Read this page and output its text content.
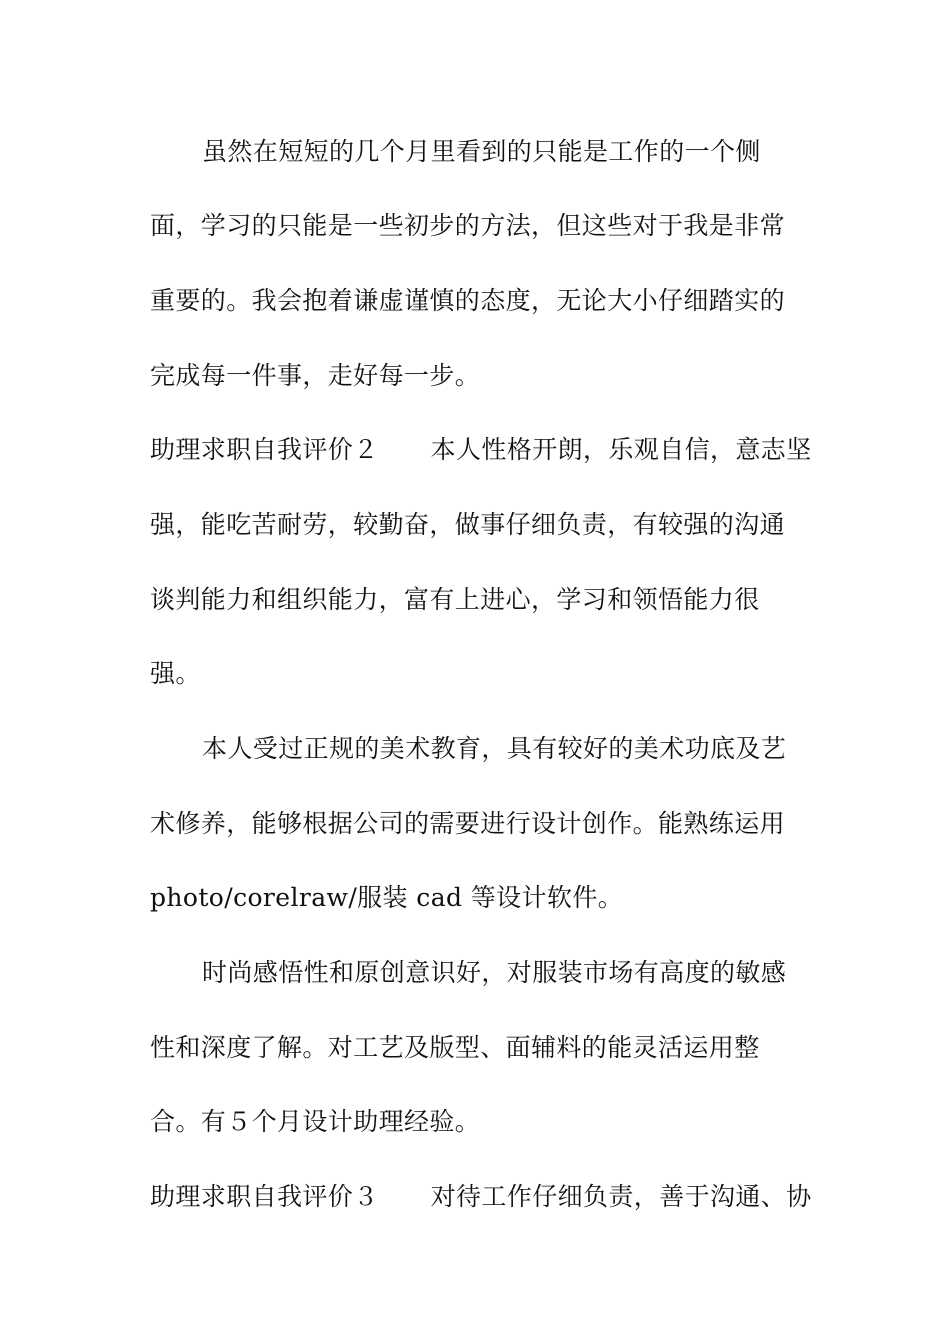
虽然在短短的几个月里看到的只能是工作的一个侧
面，学习的只能是一些初步的方法，但这些对于我是非常
重要的。我会抱着谦虚谨慎的态度，无论大小仔细踏实的
完成每一件事，走好每一步。
助理求职自我评价２ 本人性格开朗，乐观自信，意志坚
强，能吃苦耐劳，较勤奋，做事仔细负责，有较强的沟通
谈判能力和组织能力，富有上进心，学习和领悟能力很
强。
本人受过正规的美术教育，具有较好的美术功底及艺
术修养，能够根据公司的需要进行设计创作。能熟练运用
photo/corelraw/服装 cad 等设计软件。
时尚感悟性和原创意识好，对服装市场有高度的敏感
性和深度了解。对工艺及版型、面辅料的能灵活运用整
合。有５个月设计助理经验。
助理求职自我评价３ 对待工作仔细负责，善于沟通、协
